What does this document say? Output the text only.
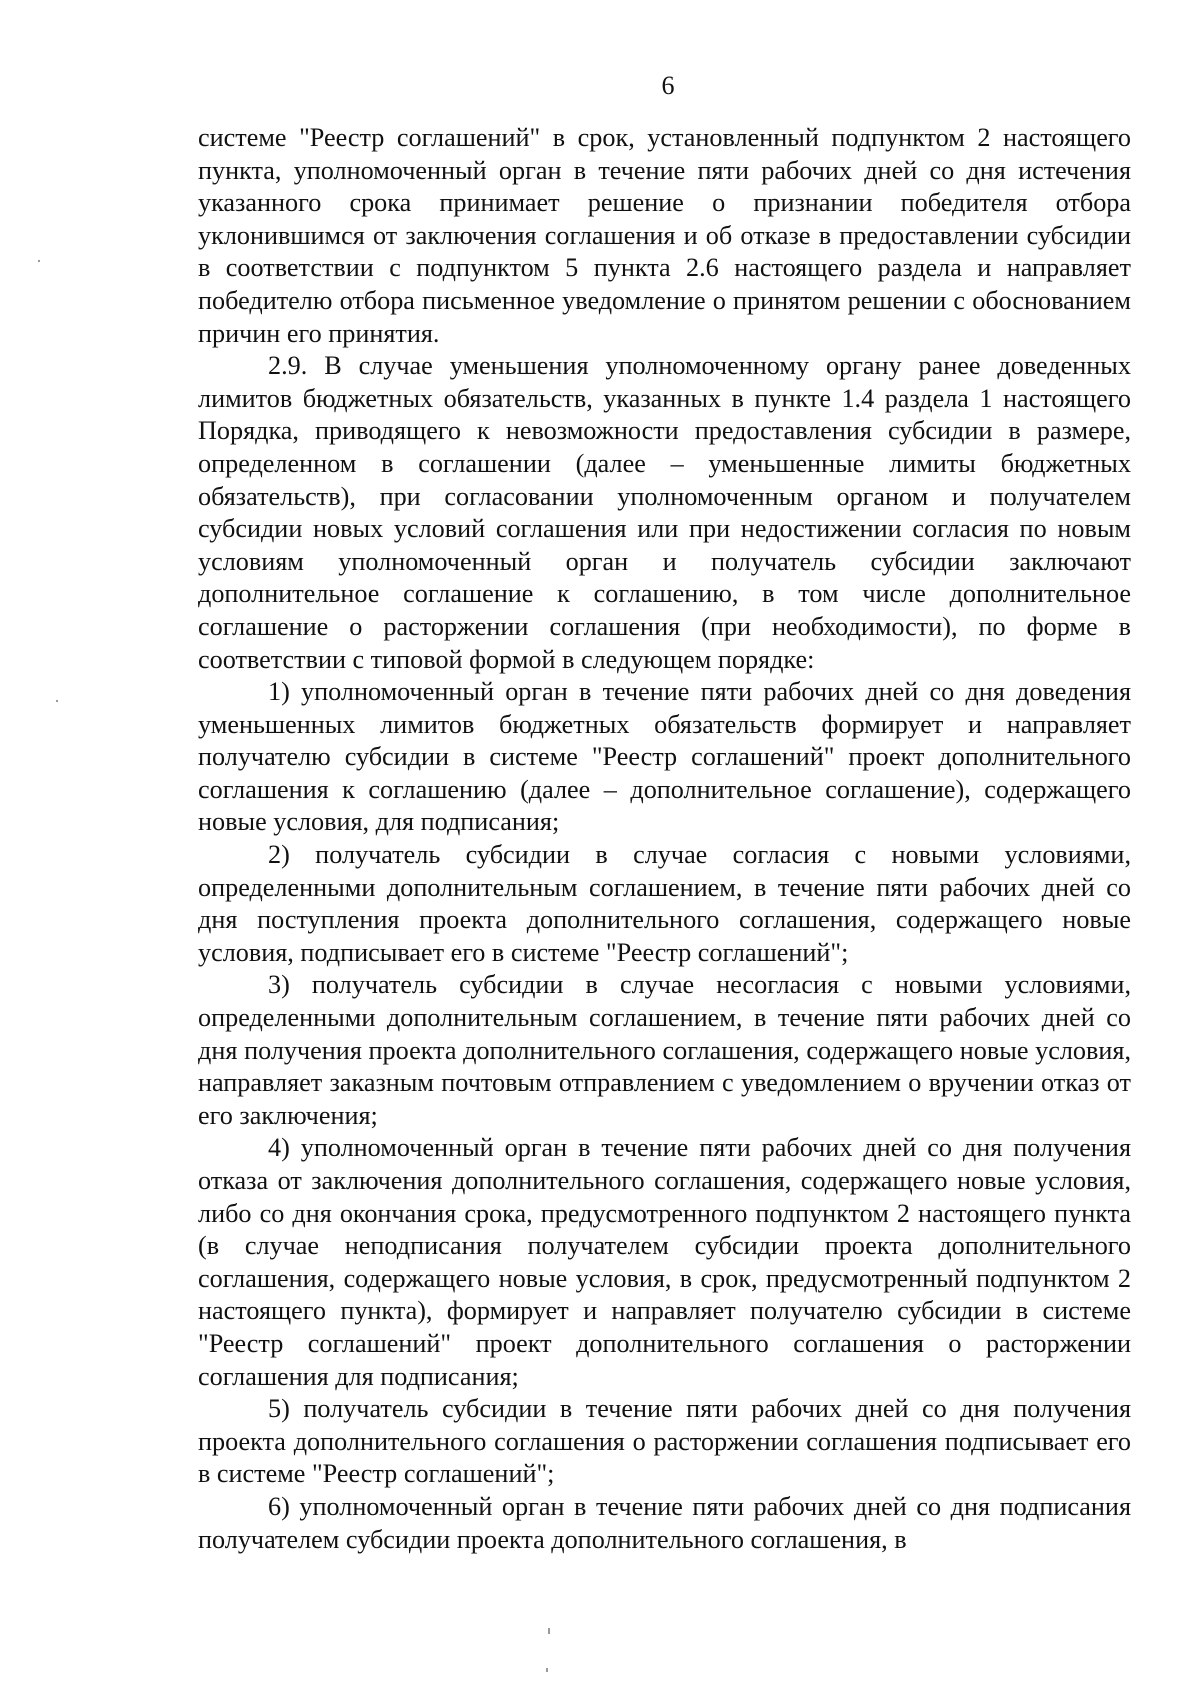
6

системе "Реестр соглашений" в срок, установленный подпунктом 2 настоящего пункта, уполномоченный орган в течение пяти рабочих дней со дня истечения указанного срока принимает решение о признании победителя отбора уклонившимся от заключения соглашения и об отказе в предоставлении субсидии в соответствии с подпунктом 5 пункта 2.6 настоящего раздела и направляет победителю отбора письменное уведомление о принятом решении с обоснованием причин его принятия.

2.9. В случае уменьшения уполномоченному органу ранее доведенных лимитов бюджетных обязательств, указанных в пункте 1.4 раздела 1 настоящего Порядка, приводящего к невозможности предоставления субсидии в размере, определенном в соглашении (далее – уменьшенные лимиты бюджетных обязательств), при согласовании уполномоченным органом и получателем субсидии новых условий соглашения или при недостижении согласия по новым условиям уполномоченный орган и получатель субсидии заключают дополнительное соглашение к соглашению, в том числе дополнительное соглашение о расторжении соглашения (при необходимости), по форме в соответствии с типовой формой в следующем порядке:

1) уполномоченный орган в течение пяти рабочих дней со дня доведения уменьшенных лимитов бюджетных обязательств формирует и направляет получателю субсидии в системе "Реестр соглашений" проект дополнительного соглашения к соглашению (далее – дополнительное соглашение), содержащего новые условия, для подписания;

2) получатель субсидии в случае согласия с новыми условиями, определенными дополнительным соглашением, в течение пяти рабочих дней со дня поступления проекта дополнительного соглашения, содержащего новые условия, подписывает его в системе "Реестр соглашений";

3) получатель субсидии в случае несогласия с новыми условиями, определенными дополнительным соглашением, в течение пяти рабочих дней со дня получения проекта дополнительного соглашения, содержащего новые условия, направляет заказным почтовым отправлением с уведомлением о вручении отказ от его заключения;

4) уполномоченный орган в течение пяти рабочих дней со дня получения отказа от заключения дополнительного соглашения, содержащего новые условия, либо со дня окончания срока, предусмотренного подпунктом 2 настоящего пункта (в случае неподписания получателем субсидии проекта дополнительного соглашения, содержащего новые условия, в срок, предусмотренный подпунктом 2 настоящего пункта), формирует и направляет получателю субсидии в системе "Реестр соглашений" проект дополнительного соглашения о расторжении соглашения для подписания;

5) получатель субсидии в течение пяти рабочих дней со дня получения проекта дополнительного соглашения о расторжении соглашения подписывает его в системе "Реестр соглашений";

6) уполномоченный орган в течение пяти рабочих дней со дня подписания получателем субсидии проекта дополнительного соглашения, в
